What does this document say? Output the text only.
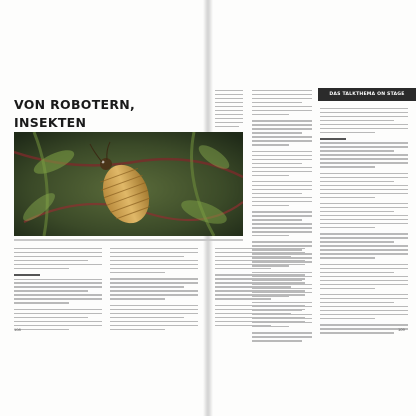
VON ROBOTERN, INSEKTEN

DAS TALKTHEMA ON STAGE
108	109
